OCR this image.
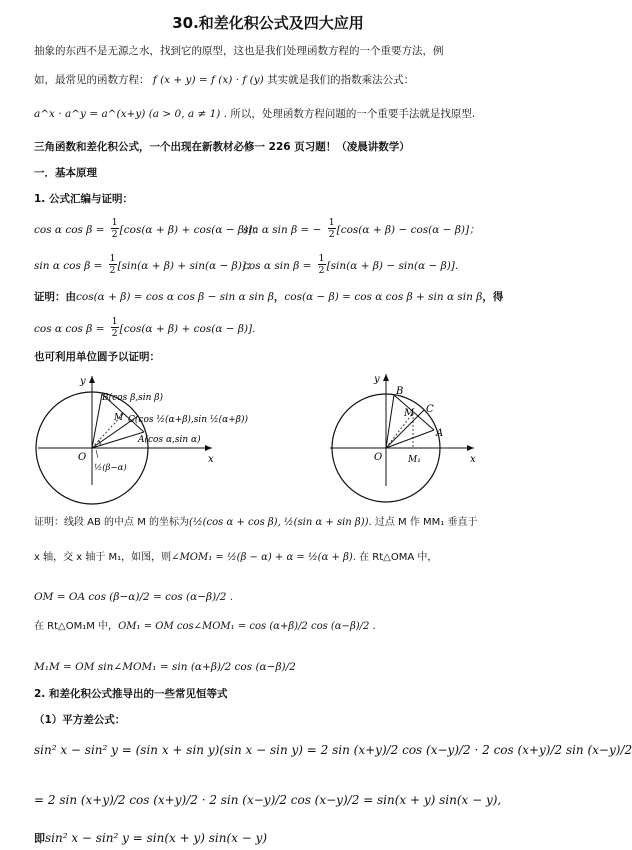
30.和差化积公式及四大应用
抽象的东西不是无源之水，找到它的原型，这也是我们处理函数方程的一个重要方法，例
如，最常见的函数方程： f (x + y) = f (x) · f (y) 其实就是我们的指数乘法公式：
a^x · a^y = a^(x+y) (a > 0, a ≠ 1) . 所以，处理函数方程问题的一个重要手法就是找原型.
三角函数和差化积公式，一个出现在新教材必修一 226 页习题！（凌晨讲数学）
一．基本原理
1. 公式汇编与证明：
cos α $\cos \beta = \frac{1}{2} [\cos(\alpha + \beta) + \cos(\alpha - \beta)]$；
sin α sin β = − $\frac{1}{2} [\cos(\alpha + \beta) - \cos(\alpha - \beta)]$；
sin α $\cos \beta = \frac{1}{2} [\sin(\alpha + \beta) + \sin(\alpha - \beta)]$；
cos α $\sin \beta = \frac{1}{2} [\sin(\alpha + \beta) - \sin(\alpha - \beta)]$.
证明：由cos(α + β) = cos α cos β − sin α sin β，cos(α − β) = cos α cos β + sin α sin β，得
cos α $\cos \beta = \frac{1}{2} [\cos(\alpha + \beta) + \cos(\alpha - \beta)]$.
也可利用单位圆予以证明：
x
y
O
M
B(cos β,sin β)
C(cos ½(α+β),sin ½(α+β))
A(cos α,sin α)
½(β−α)
x
y
O
A
B
C
M
M₁
证明：线段 AB 的中点 M 的坐标为(½(cos α + cos β), ½(sin α + sin β)). 过点 M 作 MM₁ 垂直于
x 轴，交 x 轴于 M₁，如图，则∠MOM₁ = ½(β − α) + α = ½(α + β). 在 Rt△OMA 中，
OM = OA cos (β−α)/2 = cos (α−β)/2 .
在 Rt△OM₁M 中，OM₁ = OM cos∠MOM₁ = cos (α+β)/2 cos (α−β)/2 .
M₁M = OM sin∠MOM₁ = sin (α+β)/2 cos (α−β)/2
2. 和差化积公式推导出的一些常见恒等式
（1）平方差公式：
sin² x − sin² y = (sin x + sin y)(sin x − sin y) = 2 sin (x+y)/2 cos (x−y)/2 · 2 cos (x+y)/2 sin (x−y)/2
= 2 sin (x+y)/2 cos (x+y)/2 · 2 sin (x−y)/2 cos (x−y)/2 = sin(x + y) sin(x − y),
即sin² x − sin² y = sin(x + y) sin(x − y)
